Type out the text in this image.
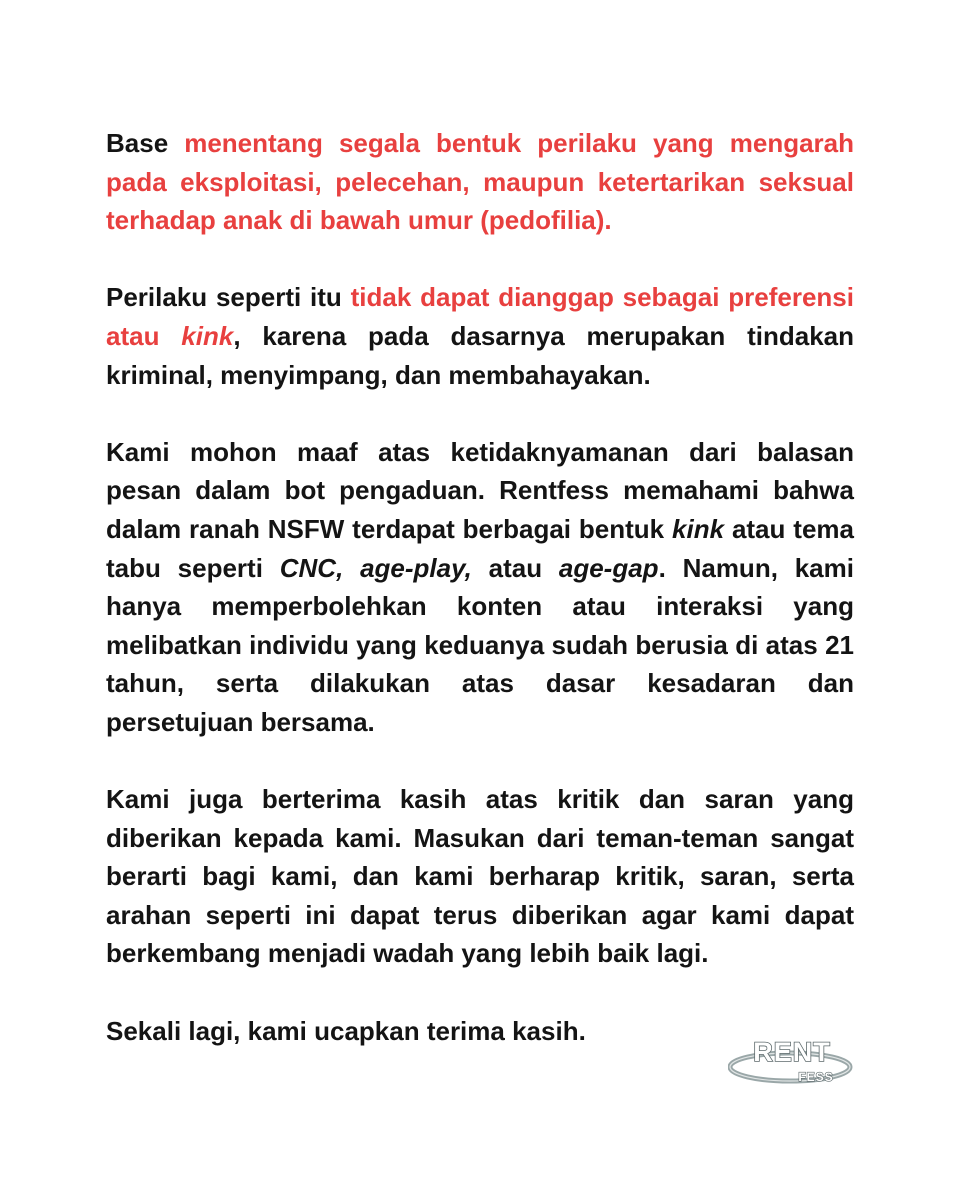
Base menentang segala bentuk perilaku yang mengarah pada eksploitasi, pelecehan, maupun ketertarikan seksual terhadap anak di bawah umur (pedofilia).

Perilaku seperti itu tidak dapat dianggap sebagai preferensi atau kink, karena pada dasarnya merupakan tindakan kriminal, menyimpang, dan membahayakan.

Kami mohon maaf atas ketidaknyamanan dari balasan pesan dalam bot pengaduan. Rentfess memahami bahwa dalam ranah NSFW terdapat berbagai bentuk kink atau tema tabu seperti CNC, age-play, atau age-gap. Namun, kami hanya memperbolehkan konten atau interaksi yang melibatkan individu yang keduanya sudah berusia di atas 21 tahun, serta dilakukan atas dasar kesadaran dan persetujuan bersama.

Kami juga berterima kasih atas kritik dan saran yang diberikan kepada kami. Masukan dari teman-teman sangat berarti bagi kami, dan kami berharap kritik, saran, serta arahan seperti ini dapat terus diberikan agar kami dapat berkembang menjadi wadah yang lebih baik lagi.

Sekali lagi, kami ucapkan terima kasih.

RENT
FESS
